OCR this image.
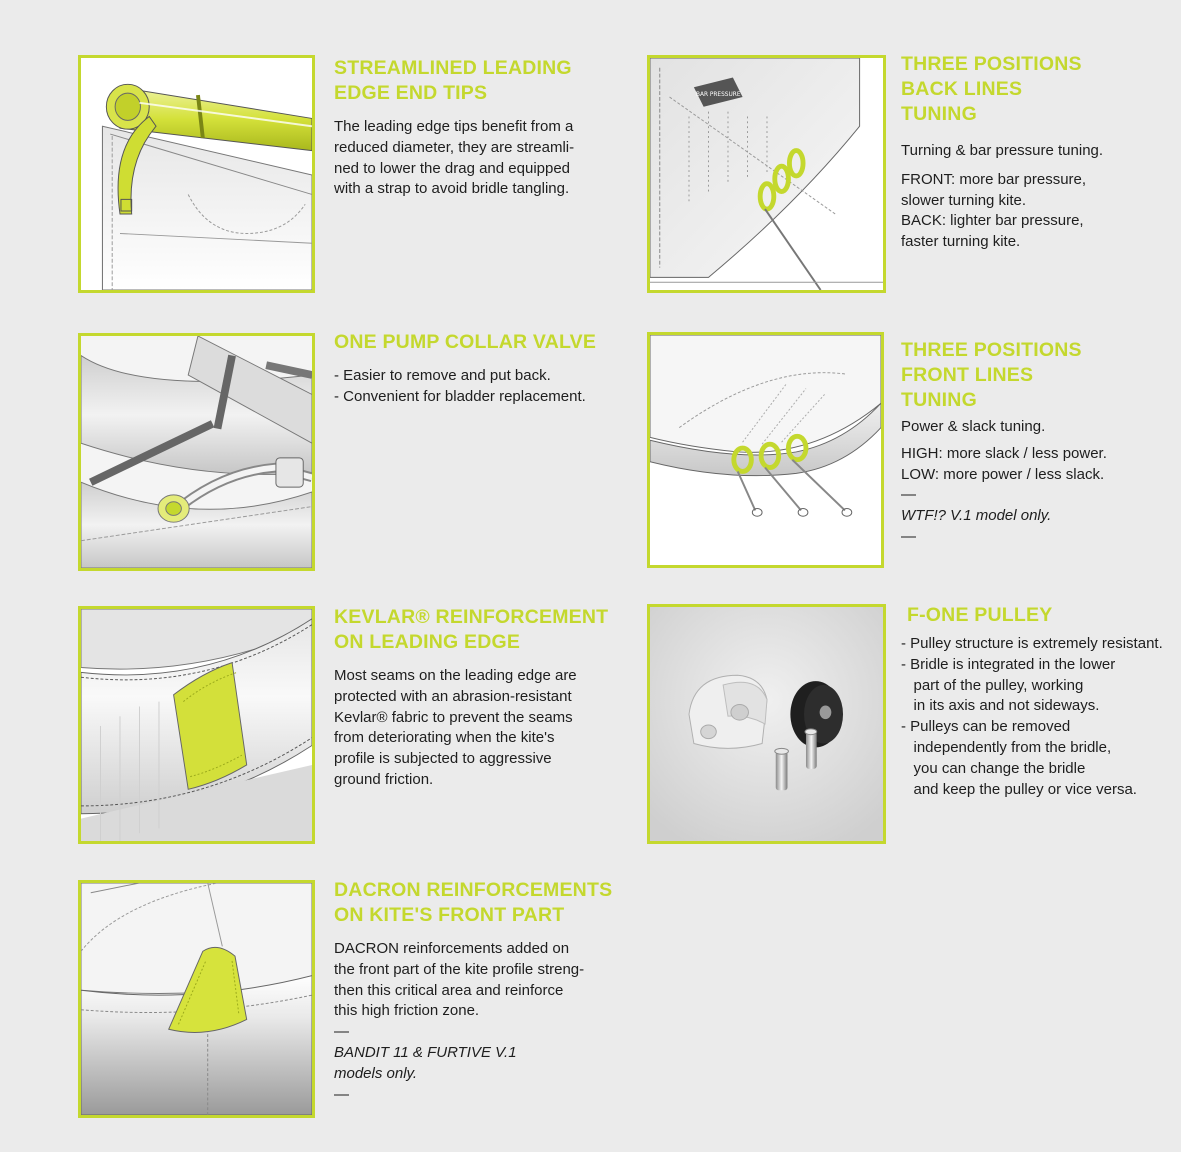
STREAMLINED LEADING
EDGE END TIPS

The leading edge tips benefit from a

reduced diameter, they are streamli-

ned to lower the drag and equipped

with a strap to avoid bridle tangling.

BAR PRESSURE

THREE POSITIONS
BACK LINES
TUNING

Turning & bar pressure tuning.

FRONT: more bar pressure,
slower turning kite.

BACK: lighter bar pressure,
faster turning kite.

ONE PUMP COLLAR VALVE

- Easier to remove and put back.

- Convenient for bladder replacement.

THREE POSITIONS
FRONT LINES
TUNING

Power & slack tuning.

HIGH: more slack / less power.

LOW: more power / less slack.

—

WTF!? V.1 model only.

—

KEVLAR® REINFORCEMENT
ON LEADING EDGE

Most seams on the leading edge are

protected with an abrasion-resistant

Kevlar® fabric to prevent the seams

from deteriorating when the kite's

profile is subjected to aggressive

ground friction.

F-ONE PULLEY

- Pulley structure is extremely resistant.

- Bridle is integrated in the lower

part of the pulley, working

in its axis and not sideways.

- Pulleys can be removed

independently from the bridle,

you can change the bridle

and keep the pulley or vice versa.

DACRON REINFORCEMENTS
ON KITE'S FRONT PART

DACRON reinforcements added on

the front part of the kite profile streng-

then this critical area and reinforce

this high friction zone.

—

BANDIT 11 & FURTIVE V.1
models only.

—
